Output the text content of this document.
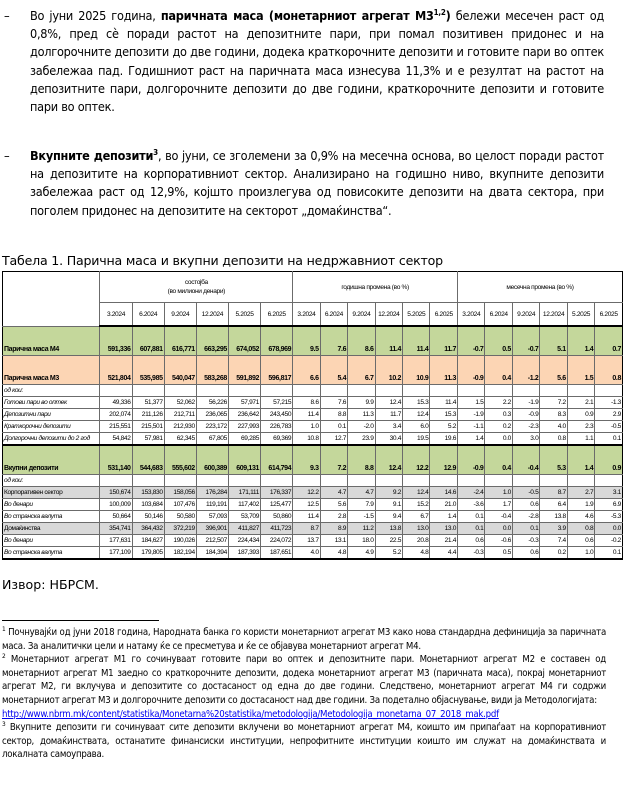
–	Во јуни 2025 година, паричната маса (монетарниот агрегат М3$^{1,2}$) бележи месечен раст од 0,8%, пред сè поради растот на депозитните пари, при помал позитивен придонес и на долгорочните депозити до две години, додека краткорочните депозити и готовите пари во оптек забележаа пад. Годишниот раст на паричната маса изнесува 11,3% и е резултат на растот на депозитните пари, долгорочните депозити до две години, краткорочните депозити и готовите пари во оптек.
–	Вкупните депозити$^3$, во јуни, се зголемени за 0,9% на месечна основа, во целост поради растот на депозитите на корпоративниот сектор. Анализирано на годишно ниво, вкупните депозити забележаа раст од 12,9%, којшто произлегува од повисоките депозити на двата сектора, при поголем придонес на депозитите на секторот „домаќинства“.
Табела 1. Парична маса и вкупни депозити на недржавниот сектор
	состојба
(во милиони денари)						годишна промена (во %)						месечна промена (во %)					
	3.2024	6.2024	9.2024	12.2024	5.2025	6.2025	3.2024	6.2024	9.2024	12.2024	5.2025	6.2025	3.2024	6.2024	9.2024	12.2024	5.2025	6.2025
Парична маса М4	591,336	607,881	616,771	663,295	674,052	678,969	9.5	7.6	8.6	11.4	11.4	11.7	-0.7	0.5	-0.7	5.1	1.4	0.7
Парична маса М3	521,804	535,985	540,047	583,268	591,892	596,817	6.6	5.4	6.7	10.2	10.9	11.3	-0.9	0.4	-1.2	5.6	1.5	0.8
од кои:																		
Готови пари во оптек	49,336	51,377	52,062	56,226	57,971	57,215	8.6	7.6	9.9	12.4	15.3	11.4	1.5	2.2	-1.9	7.2	2.1	-1.3
Депозитни пари	202,074	211,126	212,711	236,065	236,642	243,450	11.4	8.8	11.3	11.7	12.4	15.3	-1.9	0.3	-0.9	8.3	0.9	2.9
Краткорочни депозити	215,551	215,501	212,930	223,172	227,993	226,783	1.0	0.1	-2.0	3.4	6.0	5.2	-1.1	0.2	-2.3	4.0	2.3	-0.5
Долгорочни депозити до 2 год	54,842	57,981	62,345	67,805	69,285	69,369	10.8	12.7	23.9	30.4	19.5	19.6	1.4	0.0	3.0	0.8	1.1	0.1
Вкупни депозити	531,140	544,683	555,602	600,389	609,131	614,794	9.3	7.2	8.8	12.4	12.2	12.9	-0.9	0.4	-0.4	5.3	1.4	0.9
од кои:																		
Корпоративен сектор	150,674	153,830	158,056	176,284	171,111	176,337	12.2	4.7	4.7	9.2	12.4	14.6	-2.4	1.0	-0.5	8.7	2.7	3.1
Во денари	100,009	103,684	107,476	119,191	117,402	125,477	12.5	5.6	7.9	9.1	15.2	21.0	-3.6	1.7	0.6	6.4	1.9	6.9
Во странска валута	50,664	50,146	50,580	57,093	53,709	50,860	11.4	2.8	-1.5	9.4	6.7	1.4	0.1	-0.4	-2.8	13.8	4.6	-5.3
Домаќинства	354,741	364,432	372,219	396,901	411,827	411,723	8.7	8.9	11.2	13.8	13.0	13.0	0.1	0.0	0.1	3.9	0.8	0.0
Во денари	177,631	184,627	190,026	212,507	224,434	224,072	13.7	13.1	18.0	22.5	20.8	21.4	0.6	-0.6	-0.3	7.4	0.6	-0.2
Во странска валута	177,109	179,805	182,194	184,394	187,393	187,651	4.0	4.8	4.9	5.2	4.8	4.4	-0.3	0.5	0.6	0.2	1.0	0.1
Извор: НБРСМ.

$^1$ Почнувајќи од јуни 2018 година, Народната банка го користи монетарниот агрегат М3 како нова стандардна дефиниција за паричната маса. За аналитички цели и натаму ќе се пресметува и ќе се објавува монетарниот агрегат М4.

$^2$ Монетарниот агрегат М1 го сочинуваат готовите пари во оптек и депозитните пари. Монетарниот агрегат М2 е составен од монетарниот агрегат М1 заедно со краткорочните депозити, додека монетарниот агрегат М3 (паричната маса), покрај монетарниот агрегат М2, ги вклучува и депозитите со достасаност од една до две години. Следствено, монетарниот агрегат М4 ги содржи монетарниот агрегат М3 и долгорочните депозити со достасаност над две години. За подетално објаснување, види ја Методологијата:
http://www.nbrm.mk/content/statistika/Monetarna%20statistika/metodologija/Metodologija_monetarna_07_2018_mak.pdf

$^3$ Вкупните депозити ги сочинуваат сите депозити вклучени во монетарниот агрегат М4, коишто им припаѓаат на корпоративниот сектор, домаќинствата, останатите финансиски институции, непрофитните институции коишто им служат на домаќинствата и локалната самоуправа.
